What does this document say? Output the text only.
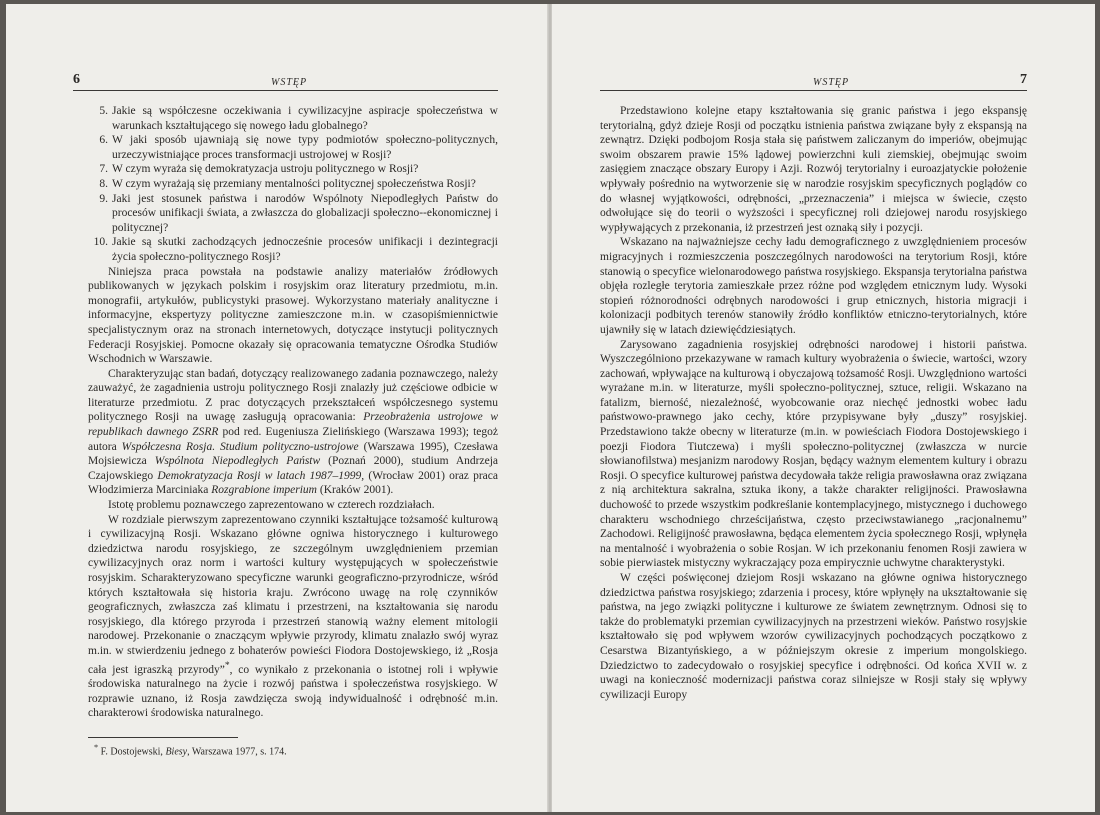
6	WSTĘP
5. Jakie są współczesne oczekiwania i cywilizacyjne aspiracje społeczeństwa w warunkach kształtującego się nowego ładu globalnego?
6. W jaki sposób ujawniają się nowe typy podmiotów społeczno-politycznych, urzeczywistniające proces transformacji ustrojowej w Rosji?
7. W czym wyraża się demokratyzacja ustroju politycznego w Rosji?
8. W czym wyrażają się przemiany mentalności politycznej społeczeństwa Rosji?
9. Jaki jest stosunek państwa i narodów Wspólnoty Niepodległych Państw do procesów unifikacji świata, a zwłaszcza do globalizacji społeczno--ekonomicznej i politycznej?
10. Jakie są skutki zachodzących jednocześnie procesów unifikacji i dezintegracji życia społeczno-politycznego Rosji?

Niniejsza praca powstała na podstawie analizy materiałów źródłowych publikowanych w językach polskim i rosyjskim oraz literatury przedmiotu, m.in. monografii, artykułów, publicystyki prasowej. Wykorzystano materiały analityczne i informacyjne, ekspertyzy polityczne zamieszczone m.in. w czasopiśmiennictwie specjalistycznym oraz na stronach internetowych, dotyczące instytucji politycznych Federacji Rosyjskiej. Pomocne okazały się opracowania tematyczne Ośrodka Studiów Wschodnich w Warszawie.

Charakteryzując stan badań, dotyczący realizowanego zadania poznawczego, należy zauważyć, że zagadnienia ustroju politycznego Rosji znalazły już częściowe odbicie w literaturze przedmiotu. Z prac dotyczących przekształceń współczesnego systemu politycznego Rosji na uwagę zasługują opracowania: Przeobrażenia ustrojowe w republikach dawnego ZSRR pod red. Eugeniusza Zielińskiego (Warszawa 1993); tegoż autora Współczesna Rosja. Studium polityczno-ustrojowe (Warszawa 1995), Czesława Mojsiewicza Wspólnota Niepodległych Państw (Poznań 2000), studium Andrzeja Czajowskiego Demokratyzacja Rosji w latach 1987–1999, (Wrocław 2001) oraz praca Włodzimierza Marciniaka Rozgrabione imperium (Kraków 2001).

Istotę problemu poznawczego zaprezentowano w czterech rozdziałach.

W rozdziale pierwszym zaprezentowano czynniki kształtujące tożsamość kulturową i cywilizacyjną Rosji. Wskazano główne ogniwa historycznego i kulturowego dziedzictwa narodu rosyjskiego, ze szczególnym uwzględnieniem przemian cywilizacyjnych oraz norm i wartości kultury występujących w społeczeństwie rosyjskim. Scharakteryzowano specyficzne warunki geograficzno-przyrodnicze, wśród których kształtowała się historia kraju. Zwrócono uwagę na rolę czynników geograficznych, zwłaszcza zaś klimatu i przestrzeni, na kształtowania się narodu rosyjskiego, dla którego przyroda i przestrzeń stanowią ważny element mitologii narodowej. Przekonanie o znaczącym wpływie przyrody, klimatu znalazło swój wyraz m.in. w stwierdzeniu jednego z bohaterów powieści Fiodora Dostojewskiego, iż „Rosja cała jest igraszką przyrody”*, co wynikało z przekonania o istotnej roli i wpływie środowiska naturalnego na życie i rozwój państwa i społeczeństwa rosyjskiego. W rozprawie uznano, iż Rosja zawdzięcza swoją indywidualność i odrębność m.in. charakterowi środowiska naturalnego.

* F. Dostojewski, Biesy, Warszawa 1977, s. 174.
WSTĘP	7

Przedstawiono kolejne etapy kształtowania się granic państwa i jego ekspansję terytorialną, gdyż dzieje Rosji od początku istnienia państwa związane były z ekspansją na zewnątrz. Dzięki podbojom Rosja stała się państwem zaliczanym do imperiów, obejmując swoim obszarem prawie 15% lądowej powierzchni kuli ziemskiej, obejmując swoim zasięgiem znaczące obszary Europy i Azji. Rozwój terytorialny i euroazjatyckie położenie wpływały pośrednio na wytworzenie się w narodzie rosyjskim specyficznych poglądów co do własnej wyjątkowości, odrębności, „przeznaczenia” i miejsca w świecie, często odwołujące się do teorii o wyższości i specyficznej roli dziejowej narodu rosyjskiego wypływających z przekonania, iż przestrzeń jest oznaką siły i pozycji.

Wskazano na najważniejsze cechy ładu demograficznego z uwzględnieniem procesów migracyjnych i rozmieszczenia poszczególnych narodowości na terytorium Rosji, które stanowią o specyfice wielonarodowego państwa rosyjskiego. Ekspansja terytorialna państwa objęła rozległe terytoria zamieszkałe przez różne pod względem etnicznym ludy. Wysoki stopień różnorodności odrębnych narodowości i grup etnicznych, historia migracji i kolonizacji podbitych terenów stanowiły źródło konfliktów etniczno-terytorialnych, które ujawniły się w latach dziewięćdziesiątych.

Zarysowano zagadnienia rosyjskiej odrębności narodowej i historii państwa. Wyszczególniono przekazywane w ramach kultury wyobrażenia o świecie, wartości, wzory zachowań, wpływające na kulturową i obyczajową tożsamość Rosji. Uwzględniono wartości wyrażane m.in. w literaturze, myśli społeczno-politycznej, sztuce, religii. Wskazano na fatalizm, bierność, niezależność, wyobcowanie oraz niechęć jednostki wobec ładu państwowo-prawnego jako cechy, które przypisywane były „duszy” rosyjskiej. Przedstawiono także obecny w literaturze (m.in. w powieściach Fiodora Dostojewskiego i poezji Fiodora Tiutczewa) i myśli społeczno-politycznej (zwłaszcza w nurcie słowianofilstwa) mesjanizm narodowy Rosjan, będący ważnym elementem kultury i obrazu Rosji. O specyfice kulturowej państwa decydowała także religia prawosławna oraz związana z nią architektura sakralna, sztuka ikony, a także charakter religijności. Prawosławna duchowość to przede wszystkim podkreślanie kontemplacyjnego, mistycznego i duchowego charakteru wschodniego chrześcijaństwa, często przeciwstawianego „racjonalnemu” Zachodowi. Religijność prawosławna, będąca elementem życia społecznego Rosji, wpłynęła na mentalność i wyobrażenia o sobie Rosjan. W ich przekonaniu fenomen Rosji zawiera w sobie pierwiastek mistyczny wykraczający poza empirycznie uchwytne charakterystyki.

W części poświęconej dziejom Rosji wskazano na główne ogniwa historycznego dziedzictwa państwa rosyjskiego; zdarzenia i procesy, które wpłynęły na ukształtowanie się państwa, na jego związki polityczne i kulturowe ze światem zewnętrznym. Odnosi się to także do problematyki przemian cywilizacyjnych na przestrzeni wieków. Państwo rosyjskie kształtowało się pod wpływem wzorów cywilizacyjnych pochodzących początkowo z Cesarstwa Bizantyńskiego, a w późniejszym okresie z imperium mongolskiego. Dziedzictwo to zadecydowało o rosyjskiej specyfice i odrębności. Od końca XVII w. z uwagi na konieczność modernizacji państwa coraz silniejsze w Rosji stały się wpływy cywilizacji Europy
